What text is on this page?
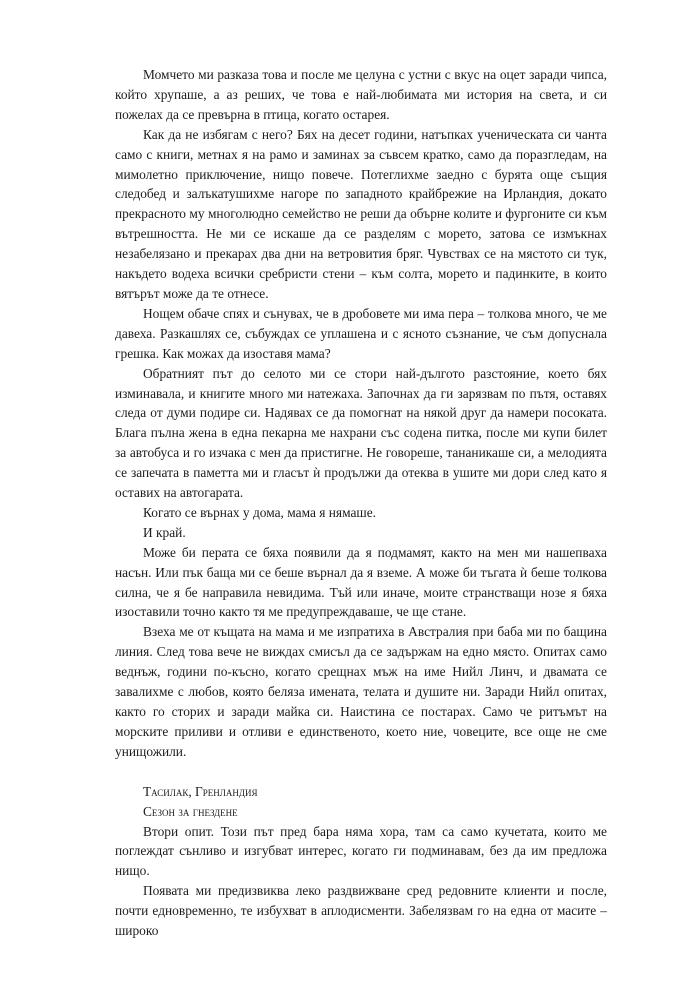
Момчето ми разказа това и после ме целуна с устни с вкус на оцет заради чипса, който хрупаше, а аз реших, че това е най-любимата ми история на света, и си пожелах да се превърна в птица, когато остарея.

Как да не избягам с него? Бях на десет години, натъпках ученическата си чанта само с книги, метнах я на рамо и заминах за съвсем кратко, само да поразгледам, на мимолетно приключение, нищо повече. Потеглихме заедно с бурята още същия следобед и залъкатушихме нагоре по западното крайбрежие на Ирландия, докато прекрасното му многолюдно семейство не реши да обърне колите и фургоните си към вътрешността. Не ми се искаше да се разделям с морето, затова се измъкнах незабелязано и прекарах два дни на ветровития бряг. Чувствах се на мястото си тук, накъдето водеха всички сребристи стени – към солта, морето и падинките, в които вятърът може да те отнесе.

Нощем обаче спях и сънувах, че в дробовете ми има пера – толкова много, че ме давеха. Разкашлях се, събуждах се уплашена и с ясното съзнание, че съм допуснала грешка. Как можах да изоставя мама?

Обратният път до селото ми се стори най-дългото разстояние, което бях изминавала, и книгите много ми натежаха. Започнах да ги зарязвам по пътя, оставях следа от думи подире си. Надявах се да помогнат на някой друг да намери посоката. Блага пълна жена в една пекарна ме нахрани със содена питка, после ми купи билет за автобуса и го изчака с мен да пристигне. Не говореше, тананикаше си, а мелодията се запечата в паметта ми и гласът ѝ продължи да отеква в ушите ми дори след като я оставих на автогарата.

Когато се върнах у дома, мама я нямаше.

И край.

Може би перата се бяха появили да я подмамят, както на мен ми нашепваха насън. Или пък баща ми се беше върнал да я вземе. А може би тъгата ѝ беше толкова силна, че я бе направила невидима. Тъй или иначе, моите странстващи нозе я бяха изоставили точно както тя ме предупреждаваше, че ще стане.

Взеха ме от къщата на мама и ме изпратиха в Австралия при баба ми по бащина линия. След това вече не виждах смисъл да се задържам на едно място. Опитах само веднъж, години по-късно, когато срещнах мъж на име Нийл Линч, и двамата се завалихме с любов, която беляза имената, телата и душите ни. Заради Нийл опитах, както го сторих и заради майка си. Наистина се постарах. Само че ритъмът на морските приливи и отливи е единственото, което ние, човеците, все още не сме унищожили.

Тасилак, Гренландия

Сезон за гнездене

Втори опит. Този път пред бара няма хора, там са само кучетата, които ме поглеждат сънливо и изгубват интерес, когато ги подминавам, без да им предложа нищо.

Появата ми предизвиква леко раздвижване сред редовните клиенти и после, почти едновременно, те избухват в аплодисменти. Забелязвам го на една от масите – широко
